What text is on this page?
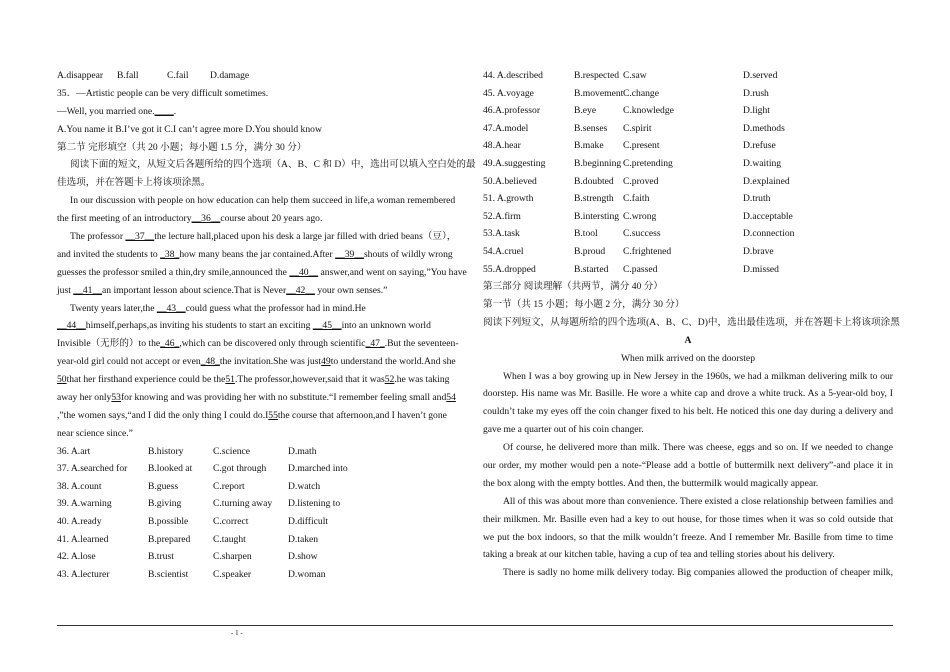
A.disappear B.fall	C.fail D.damage
35．—Artistic people can be very difficult sometimes.
—Well, you married one.____.
A.You name it B.I’ve got it C.I can’t agree more D.You should know
第二节 完形填空（共 20 小题；每小题 1.5 分，满分 30 分）
阅读下面的短文，从短文后各题所给的四个选项（A、B、C 和 D）中，选出可以填入空白处的最
佳选项，并在答题卡上将该项涂黑。
In our discussion with people on how education can help them succeed in life,a woman remembered
the first meeting of an introductory__36__course about 20 years ago.
The professor __37__the lecture hall,placed upon his desk a large jar filled with dried beans（豆），
and invited the students to _38_how many beans the jar contained.After __39__shouts of wildly wrong
guesses the professor smiled a thin,dry smile,announced the __40__ answer,and went on saying,”You have
just __41__an important lesson about science.That is Never__42__ your own senses.”
Twenty years later,the __43__could guess what the professor had in mind.He
__44__himself,perhaps,as inviting his students to start an exciting __45__into an unknown world
Invisible（无形的）to the_46_,which can be discovered only through scientific_47_.But the seventeen-
year-old girl could not accept or even_48_the invitation.She was just49to understand the world.And she
50that her firsthand experience could be the51.The professor,however,said that it was52.he was taking
away her only53for knowing and was providing her with no substitute.“I remember feeling small and54
,”the women says,“and I did the only thing I could do.I55the course that afternoon,and I haven’t gone
near science since.”
36. A.art	B.history	C.science	D.math
37. A.searched for	B.looked at	C.got through	D.marched into
38. A.count	B.guess	C.report	D.watch
39. A.warning	B.giving	C.turning away	D.listening to
40. A.ready	B.possible	C.correct	D.difficult
41. A.learned	B.prepared	C.taught	D.taken
42. A.lose	B.trust	C.sharpen	D.show
43. A.lecturer	B.scientist	C.speaker	D.woman
44. A.described	B.respected C.saw	D.served
45. A.voyage	B.movement C.change	D.rush
46.A.professor	B.eye	C.knowledge	D.light
47.A.model	B.senses	C.spirit	D.methods
48.A.hear	B.make	C.present	D.refuse
49.A.suggesting	B.beginning C.pretending	D.waiting
50.A.believed	B.doubted C.proved	D.explained
51. A.growth	B.strength C.faith	D.truth
52.A.firm	B.intersting C.wrong	D.acceptable
53.A.task	B.tool	C.success	D.connection
54.A.cruel	B.proud	C.frightened	D.brave
55.A.dropped	B.started	C.passed	D.missed
第三部分 阅读理解（共两节，满分 40 分）
第一节（共 15 小题；每小题 2 分，满分 30 分）
阅读下列短文，从每题所给的四个选项(A、B、C、D)中，选出最佳选项，并在答题卡上将该项涂黑
A
When milk arrived on the doorstep
When I was a boy growing up in New Jersey in the 1960s, we had a milkman delivering milk to our
doorstep. His name was Mr. Basille. He wore a white cap and drove a white truck. As a 5-year-old boy, I
couldn’t take my eyes off the coin changer fixed to his belt. He noticed this one day during a delivery and
gave me a quarter out of his coin changer.
Of course, he delivered more than milk. There was cheese, eggs and so on. If we needed to change
our order, my mother would pen a note-“Please add a bottle of buttermilk next delivery”-and place it in
the box along with the empty bottles. And then, the buttermilk would magically appear.
All of this was about more than convenience. There existed a close relationship between families and
their milkmen. Mr. Basille even had a key to out house, for those times when it was so cold outside that
we put the box indoors, so that the milk wouldn’t freeze. And I remember Mr. Basille from time to time
taking a break at our kitchen table, having a cup of tea and telling stories about his delivery.
There is sadly no home milk delivery today. Big companies allowed the production of cheaper milk,
- 1 -
